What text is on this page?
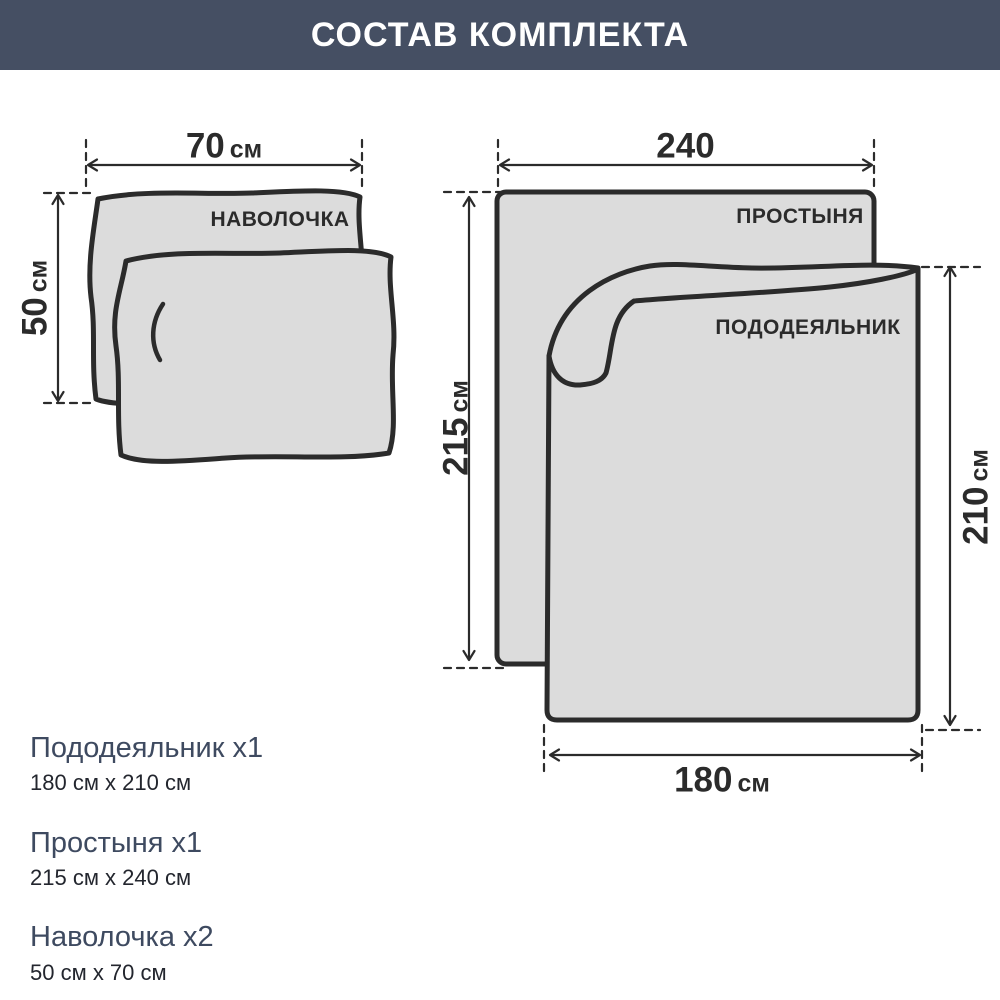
СОСТАВ КОМПЛЕКТА
НАВОЛОЧКА	ПРОСТЫНЯ
ПОДОДЕЯЛЬНИК
70 см
50см
240
215см
210см
180 см

Пододеяльник x1

180 см x 210 см

Простыня x1

215 см x 240 см

Наволочка x2

50 см x 70 см
